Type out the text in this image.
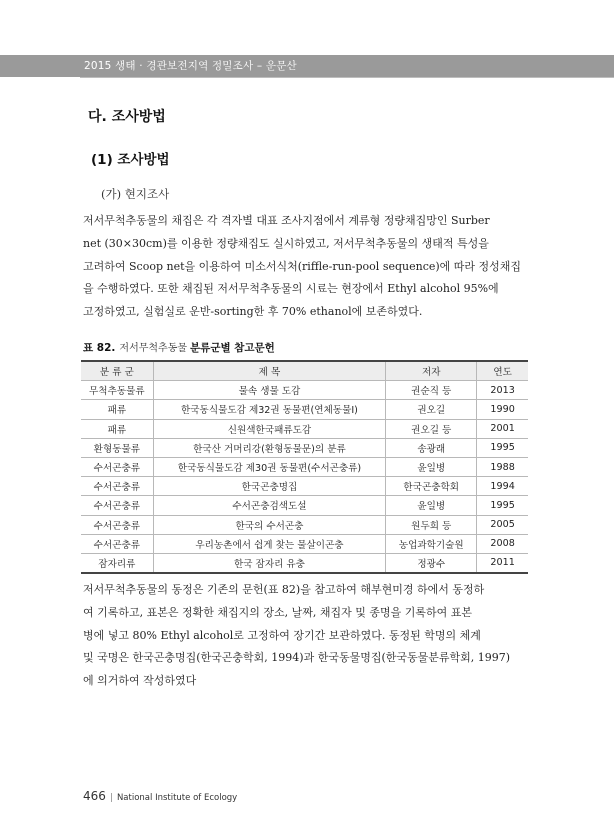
2015 생태 · 경관보전지역 정밀조사 – 운문산
다. 조사방법
(1) 조사방법
(가) 현지조사
저서무척추동물의 채집은 각 격자별 대표 조사지점에서 계류형 정량채집망인 Surber
net (30×30cm)를 이용한 정량채집도 실시하였고, 저서무척추동물의 생태적 특성을
고려하여 Scoop net을 이용하여 미소서식처(riffle-run-pool sequence)에 따라 정성채집
을 수행하였다. 또한 채집된 저서무척추동물의 시료는 현장에서 Ethyl alcohol 95%에
고정하였고, 실험실로 운반-sorting한 후 70% ethanol에 보존하였다.
표 82. 저서무척추동물 분류군별 참고문헌
분 류 군	제 목	저자	연도
무척추동물류	물속 생물 도감	권순직 등	2013
패류	한국동식물도감 제32권 동물편(연체동물Ⅰ)	권오길	1990
패류	신원색한국패류도감	권오길 등	2001
환형동물류	한국산 거머리강(환형동물문)의 분류	송광래	1995
수서곤충류	한국동식물도감 제30권 동물편(수서곤충류)	윤일병	1988
수서곤충류	한국곤충명집	한국곤충학회	1994
수서곤충류	수서곤충검색도설	윤일병	1995
수서곤충류	한국의 수서곤충	원두희 등	2005
수서곤충류	우리농촌에서 쉽게 찾는 물살이곤충	농업과학기술원	2008
잠자리류	한국 잠자리 유충	정광수	2011
저서무척추동물의 동정은 기존의 문헌(표 82)을 참고하여 해부현미경 하에서 동정하
여 기록하고, 표본은 정확한 채집지의 장소, 날짜, 채집자 및 종명을 기록하여 표본
병에 넣고 80% Ethyl alcohol로 고정하여 장기간 보관하였다. 동정된 학명의 체계
및 국명은 한국곤충명집(한국곤충학회, 1994)과 한국동물명집(한국동물분류학회, 1997)
에 의거하여 작성하였다
466 | National Institute of Ecology
